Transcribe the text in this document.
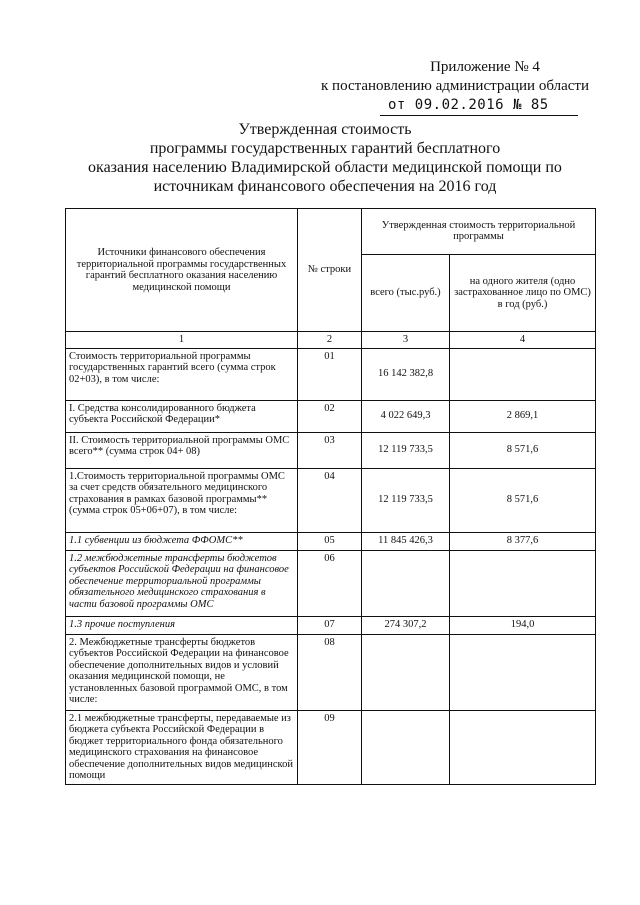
Приложение № 4
к постановлению администрации области
от 09.02.2016 № 85
Утвержденная стоимость
программы государственных гарантий бесплатного
оказания населению Владимирской области медицинской помощи по
источникам финансового обеспечения на 2016 год
Источники финансового обеспечения территориальной программы государственных гарантий бесплатного оказания населению медицинской помощи	№ строки	Утвержденная стоимость территориальной программы	
		всего (тыс.руб.)	на одного жителя (одно застрахованное лицо по ОМС) в год (руб.)
1	2	3	4
Стоимость территориальной программы государственных гарантий всего (сумма строк 02+03), в том числе:	01	16 142 382,8	
I. Средства консолидированного бюджета субъекта Российской Федерации*	02	4 022 649,3	2 869,1
II. Стоимость территориальной программы ОМС всего** (сумма строк 04+ 08)	03	12 119 733,5	8 571,6
1.Стоимость территориальной программы ОМС за счет средств обязательного медицинского страхования в рамках базовой программы** (сумма строк 05+06+07), в том числе:	04	12 119 733,5	8 571,6
1.1 субвенции из бюджета ФФОМС**	05	11 845 426,3	8 377,6
1.2 межбюджетные трансферты бюджетов субъектов Российской Федерации на финансовое обеспечение территориальной программы обязательного медицинского страхования в части базовой программы ОМС	06		
1.3 прочие поступления	07	274 307,2	194,0
2. Межбюджетные трансферты бюджетов субъектов Российской Федерации на финансовое обеспечение дополнительных видов и условий оказания медицинской помощи, не установленных базовой программой ОМС, в том числе:	08		
2.1 межбюджетные трансферты, передаваемые из бюджета субъекта Российской Федерации в бюджет территориального фонда обязательного медицинского страхования на финансовое обеспечение дополнительных видов медицинской помощи	09		
